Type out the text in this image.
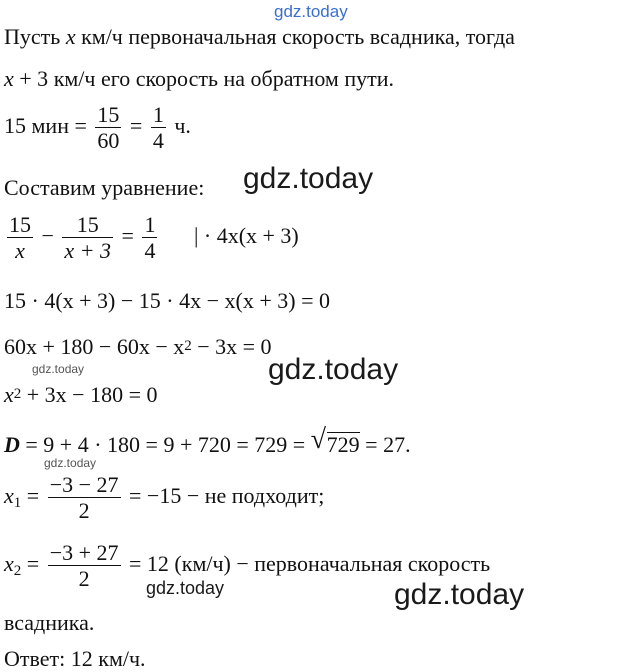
gdz.today
gdz.today
gdz.today
gdz.today
gdz.today
gdz.today	gdz.today
Пусть x км/ч первоначальная скорость всадника, тогда
x + 3 км/ч его скорость на обратном пути.
15 мин = $\frac{15}{60} = \frac{1}{4} ч$.
Составим уравнение:
$\frac{15}{x} - \frac{15}{x + 3} = \frac{1}{4}$ | · 4x(x + 3)
15 · 4(x + 3) − 15 · 4x − x(x + 3) = 0
$60x + 180 - 60x - x^2 - 3x = 0$
$x^2 + 3x - 180 = 0$
D = 9 + 4 · 180 = 9 + 720 = 729 = √ 729 = 27.
$x_1 = \frac{-3 - 27}{2} = -15$ − не подходит;
$x_2 = \frac{-3 + 27}{2} = 12$ (км/ч) − первоначальная скорость
всадника.
Ответ: 12 км/ч.
